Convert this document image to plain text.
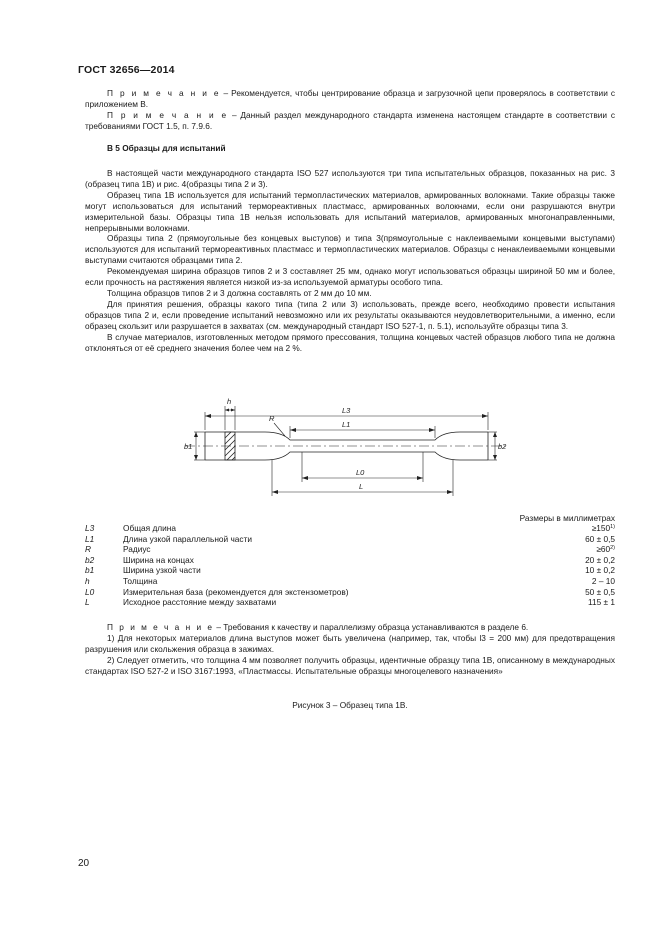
ГОСТ 32656—2014

П р и м е ч а н и е – Рекомендуется, чтобы центрирование образца и загрузочной цепи проверялось в соответствии с приложением В.

П р и м е ч а н и е – Данный раздел международного стандарта изменена настоящем стандарте в соответствии с требованиями ГОСТ 1.5, п. 7.9.6.

В 5 Образцы для испытаний

В настоящей части международного стандарта ISO 527 используются три типа испытательных образцов, показанных на рис. 3 (образец типа 1В) и рис. 4(образцы типа 2 и 3).

Образец типа 1В используется для испытаний термопластических материалов, армированных волокнами. Такие образцы также могут использоваться для испытаний термореактивных пластмасс, армированных волокнами, если они разрушаются внутри измерительной базы. Образцы типа 1В нельзя использовать для испытаний материалов, армированных многонаправленными, непрерывными волокнами.

Образцы типа 2 (прямоугольные без концевых выступов) и типа 3(прямоугольные с наклеиваемыми концевыми выступами) используются для испытаний термореактивных пластмасс и термопластических материалов. Образцы с ненаклеиваемыми концевыми выступами считаются образцами типа 2.

Рекомендуемая ширина образцов типов 2 и 3 составляет 25 мм, однако могут использоваться образцы шириной 50 мм и более, если прочность на растяжения является низкой из-за используемой арматуры особого типа.

Толщина образцов типов 2 и 3 должна составлять от 2 мм до 10 мм.

Для принятия решения, образцы какого типа (типа 2 или 3) использовать, прежде всего, необходимо провести испытания образцов типа 2 и, если проведение испытаний невозможно или их результаты оказываются неудовлетворительными, а именно, если образец скользит или разрушается в захватах (см. международный стандарт ISO 527-1, п. 5.1), используйте образцы типа 3.

В случае материалов, изготовленных методом прямого прессования, толщина концевых частей образцов любого типа не должна отклоняться от её среднего значения более чем на 2 %.

L3
L1
h
R
b1	b2
L0
L
Размеры в миллиметрах
L3	Общая длина	$\ge 150^{1)}$
L1	Длина узкой параллельной части	60 ± 0,5
R	Радиус	$\ge 60^{2)}$
b2	Ширина на концах	20 ± 0,2
b1	Ширина узкой части	10 ± 0,2
h	Толщина	2 – 10
L0	Измерительная база (рекомендуется для экстензометров)	50 ± 0,5
L	Исходное расстояние между захватами	115 ± 1

П р и м е ч а н и е – Требования к качеству и параллелизму образца устанавливаются в разделе 6.

1) Для некоторых материалов длина выступов может быть увеличена (например, так, чтобы l3 = 200 мм) для предотвращения разрушения или скольжения образца в зажимах.

2) Следует отметить, что толщина 4 мм позволяет получить образцы, идентичные образцу типа 1В, описанному в международных стандартах ISO 527-2 и ISO 3167:1993, «Пластмассы. Испытательные образцы многоцелевого назначения»

Рисунок 3 – Образец типа 1В.
20
